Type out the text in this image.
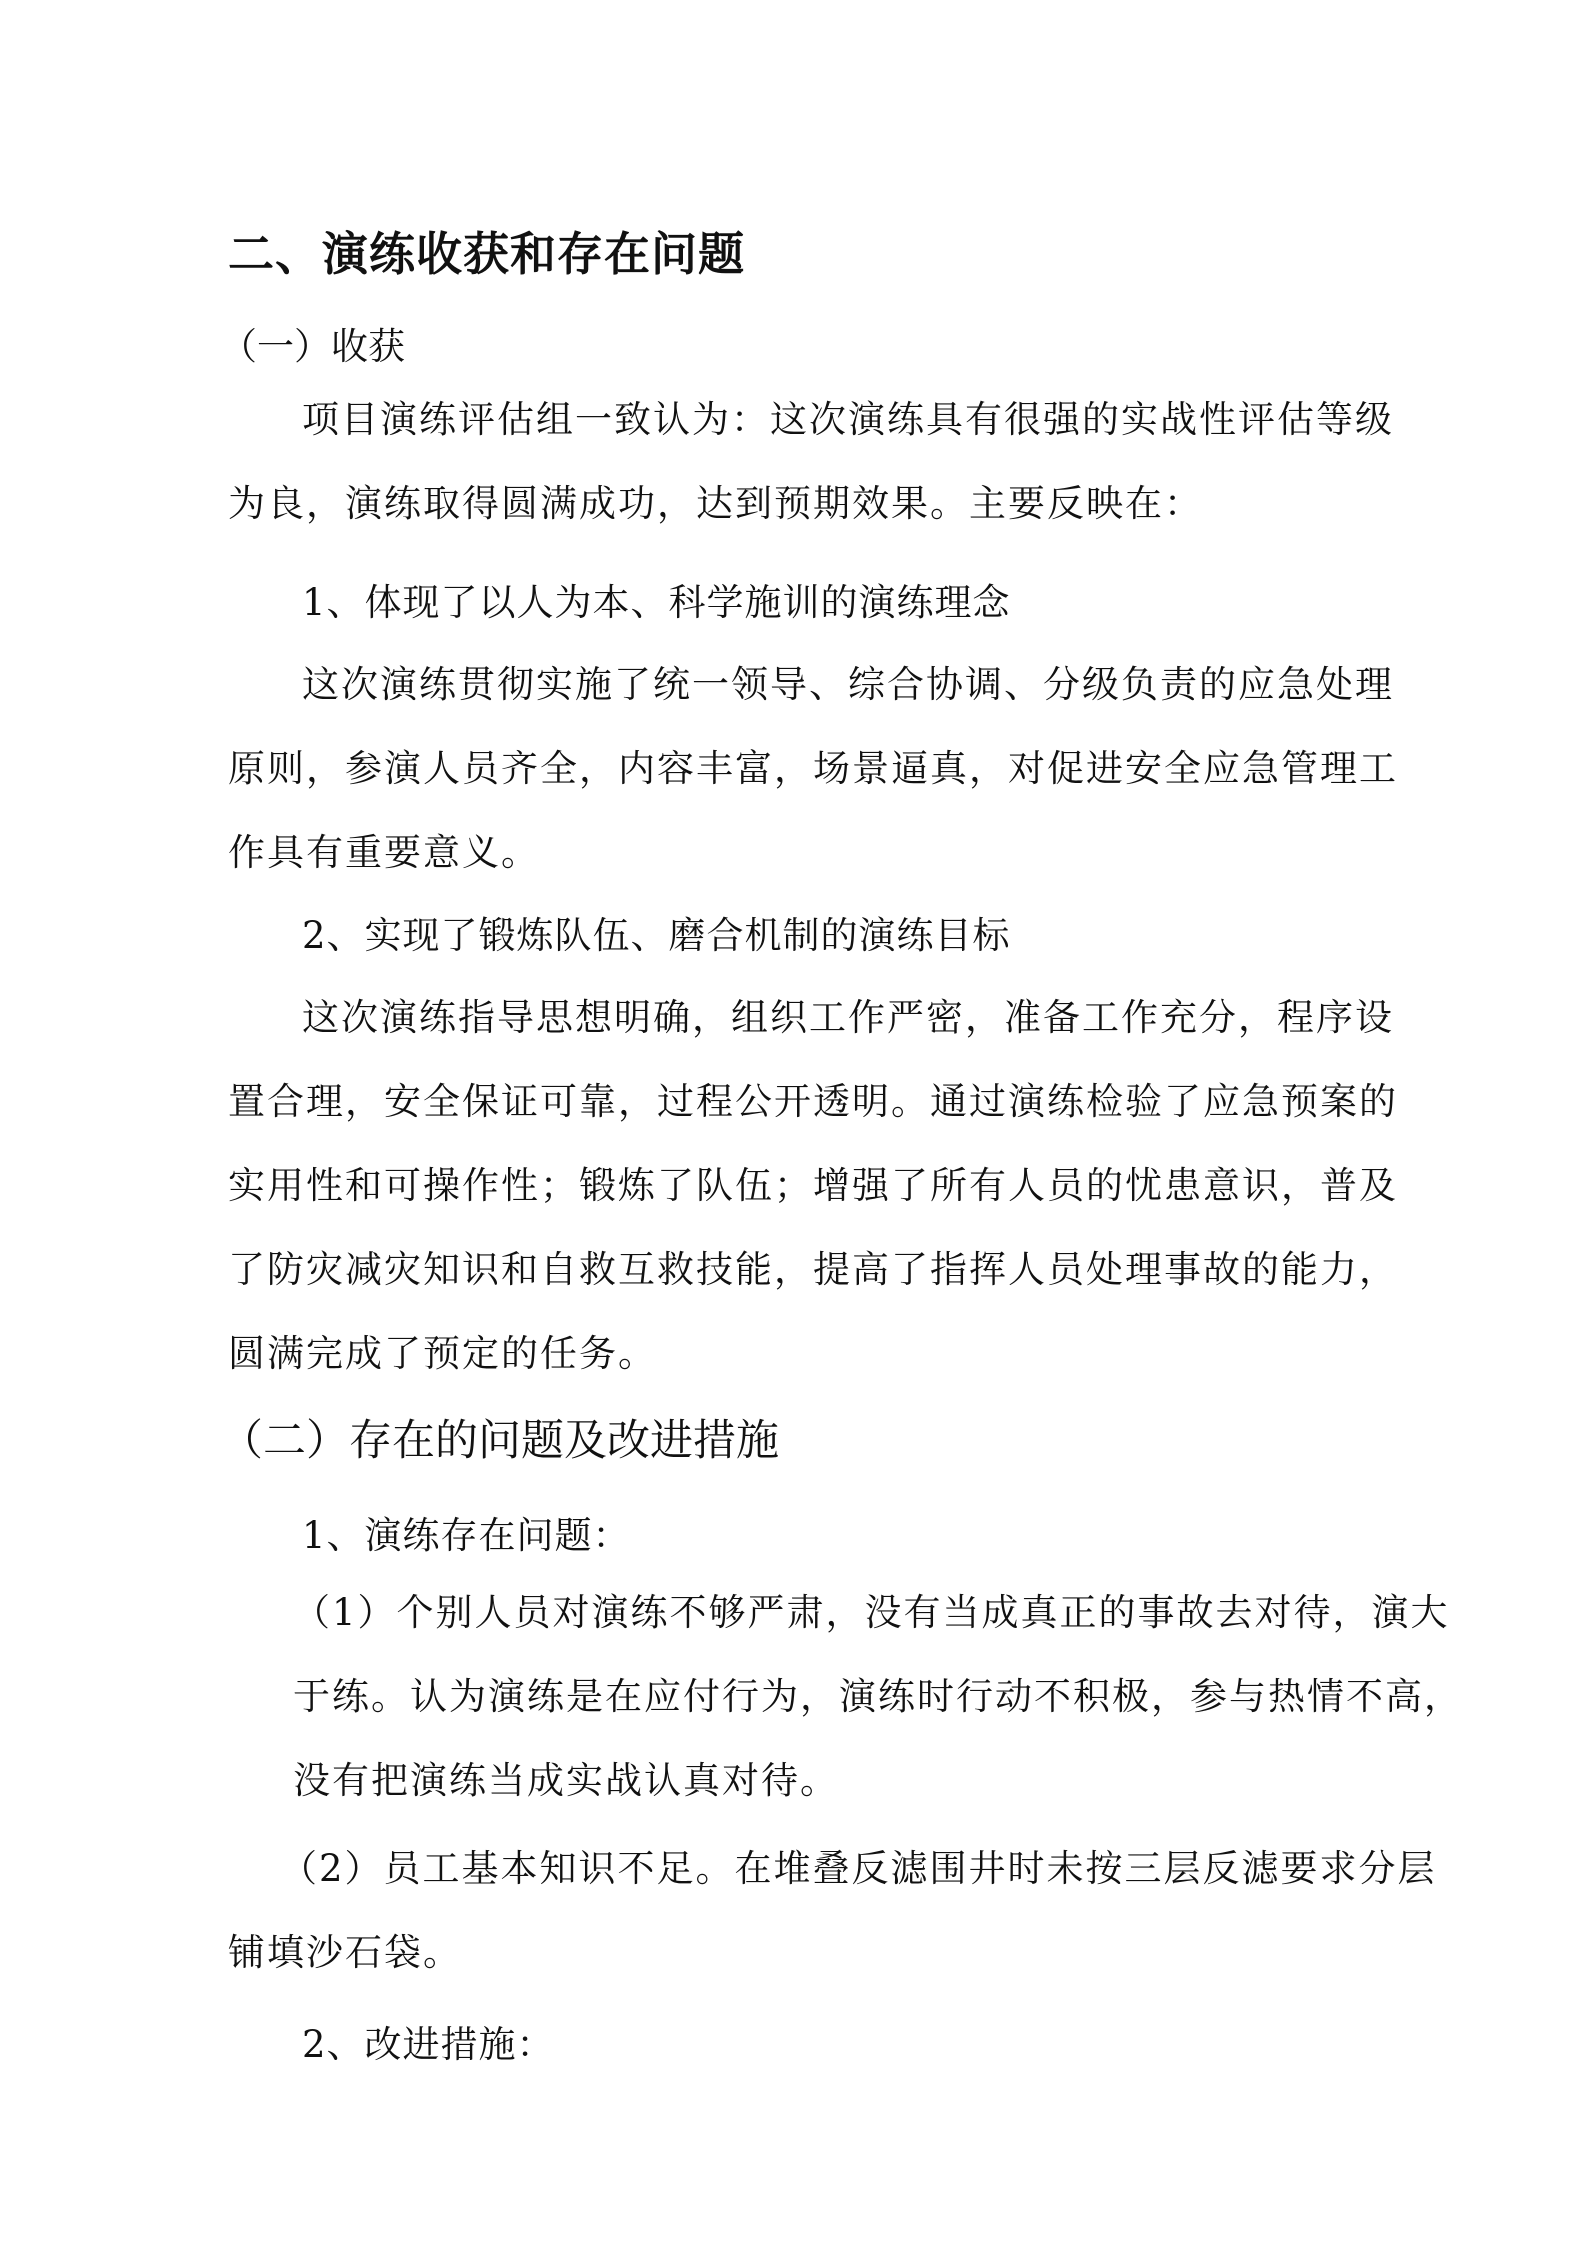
二、演练收获和存在问题
（一）收获
项目演练评估组一致认为：这次演练具有很强的实战性评估等级
为良，演练取得圆满成功，达到预期效果。主要反映在：
1、体现了以人为本、科学施训的演练理念
这次演练贯彻实施了统一领导、综合协调、分级负责的应急处理
原则，参演人员齐全，内容丰富，场景逼真，对促进安全应急管理工
作具有重要意义。
2、实现了锻炼队伍、磨合机制的演练目标
这次演练指导思想明确，组织工作严密，准备工作充分，程序设
置合理，安全保证可靠，过程公开透明。通过演练检验了应急预案的
实用性和可操作性；锻炼了队伍；增强了所有人员的忧患意识，普及
了防灾减灾知识和自救互救技能，提高了指挥人员处理事故的能力，
圆满完成了预定的任务。
（二）存在的问题及改进措施
1、演练存在问题：
（1）个别人员对演练不够严肃，没有当成真正的事故去对待，演大
于练。认为演练是在应付行为，演练时行动不积极，参与热情不高，
没有把演练当成实战认真对待。
（2）员工基本知识不足。在堆叠反滤围井时未按三层反滤要求分层
铺填沙石袋。
2、改进措施：
